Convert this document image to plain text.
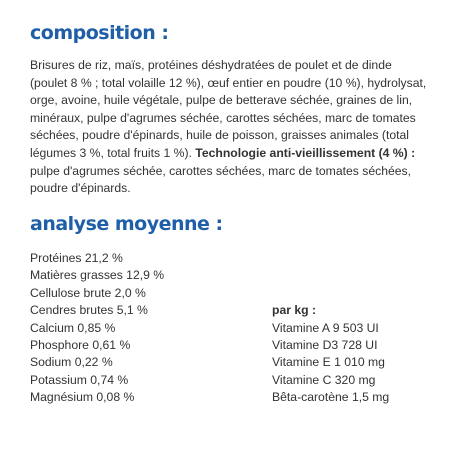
composition :

Brisures de riz, maïs, protéines déshydratées de poulet et de dinde
(poulet 8 % ; total volaille 12 %), œuf entier en poudre (10 %), hydrolysat,
orge, avoine, huile végétale, pulpe de betterave séchée, graines de lin,
minéraux, pulpe d'agrumes séchée, carottes séchées, marc de tomates
séchées, poudre d'épinards, huile de poisson, graisses animales (total
légumes 3 %, total fruits 1 %). Technologie anti-vieillissement (4 %) :
pulpe d'agrumes séchée, carottes séchées, marc de tomates séchées,
poudre d'épinards.

analyse moyenne :
Protéines 21,2 %
Matières grasses 12,9 %
Cellulose brute 2,0 %
Cendres brutes 5,1 %
Calcium 0,85 %
Phosphore 0,61 %
Sodium 0,22 %
Potassium 0,74 %
Magnésium 0,08 %
par kg :
Vitamine A 9 503 UI
Vitamine D3 728 UI
Vitamine E 1 010 mg
Vitamine C 320 mg
Bêta-carotène 1,5 mg
